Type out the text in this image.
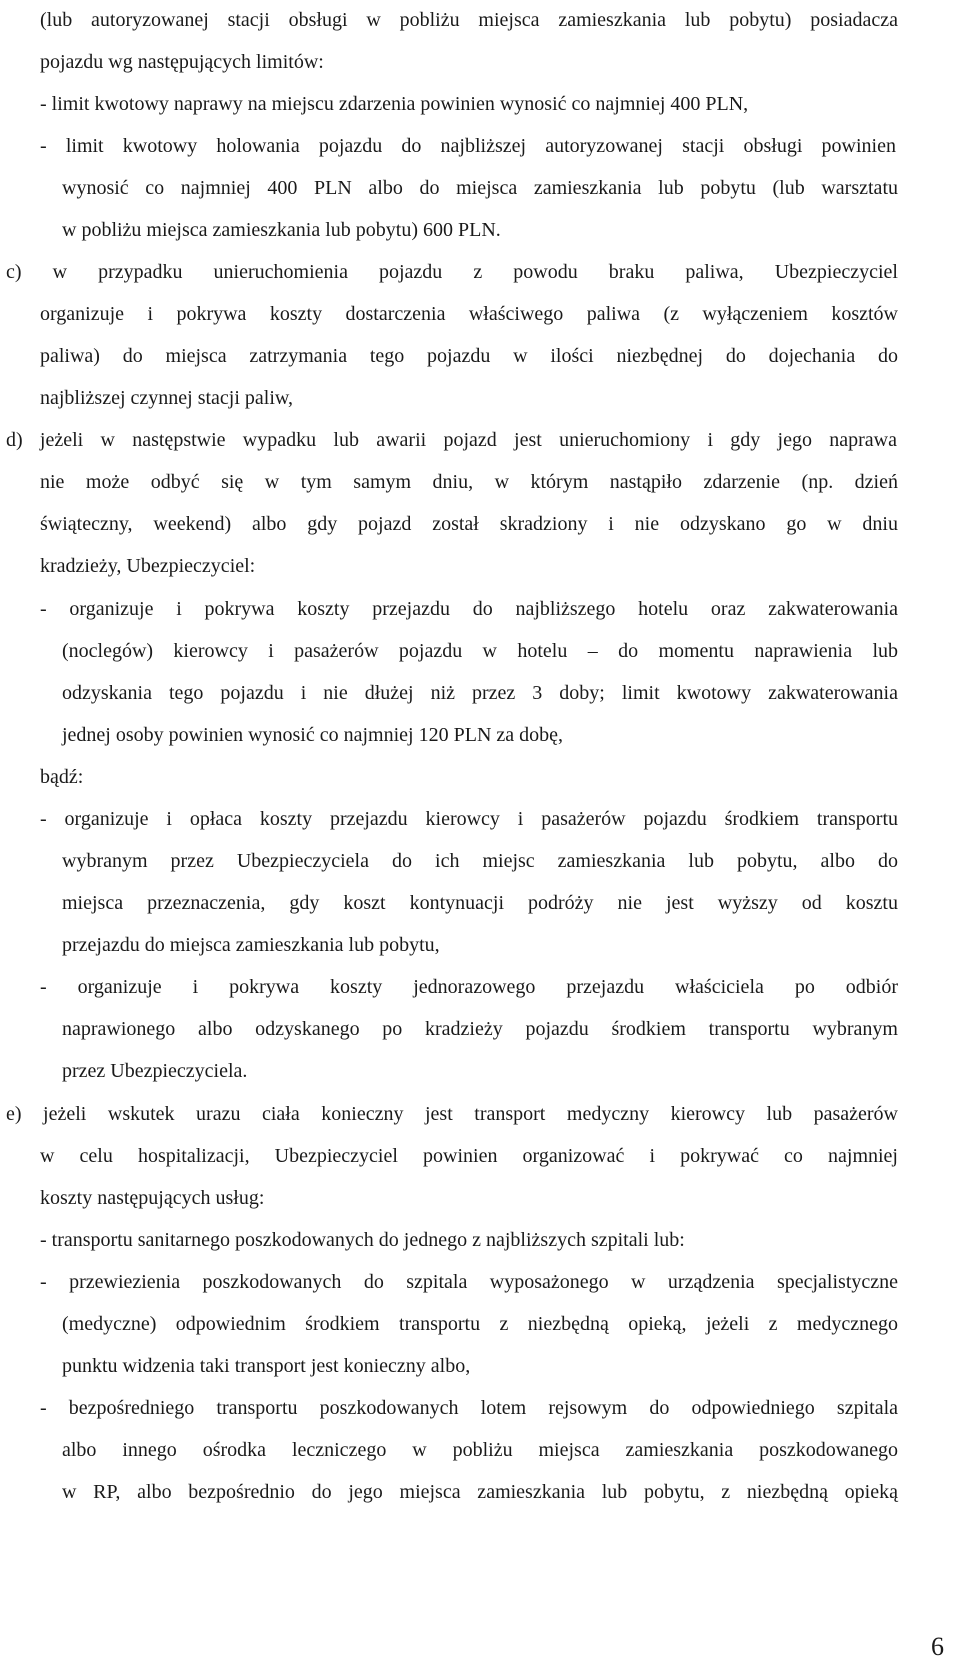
(lub autoryzowanej stacji obsługi w pobliżu miejsca zamieszkania lub pobytu) posiadacza

pojazdu wg następujących limitów:

- limit kwotowy naprawy na miejscu zdarzenia powinien wynosić co najmniej 400 PLN,

- limit kwotowy holowania pojazdu do najbliższej autoryzowanej stacji obsługi powinien

wynosić co najmniej 400 PLN albo do miejsca zamieszkania lub pobytu (lub warsztatu

w pobliżu miejsca zamieszkania lub pobytu) 600 PLN.

c) w przypadku unieruchomienia pojazdu z powodu braku paliwa, Ubezpieczyciel

organizuje i pokrywa koszty dostarczenia właściwego paliwa (z wyłączeniem kosztów

paliwa) do miejsca zatrzymania tego pojazdu w ilości niezbędnej do dojechania do

najbliższej czynnej stacji paliw,

d) jeżeli w następstwie wypadku lub awarii pojazd jest unieruchomiony i gdy jego naprawa

nie może odbyć się w tym samym dniu, w którym nastąpiło zdarzenie (np. dzień

świąteczny, weekend) albo gdy pojazd został skradziony i nie odzyskano go w dniu

kradzieży, Ubezpieczyciel:

- organizuje i pokrywa koszty przejazdu do najbliższego hotelu oraz zakwaterowania

(noclegów) kierowcy i pasażerów pojazdu w hotelu – do momentu naprawienia lub

odzyskania tego pojazdu i nie dłużej niż przez 3 doby; limit kwotowy zakwaterowania

jednej osoby powinien wynosić co najmniej 120 PLN za dobę,

bądź:

- organizuje i opłaca koszty przejazdu kierowcy i pasażerów pojazdu środkiem transportu

wybranym przez Ubezpieczyciela do ich miejsc zamieszkania lub pobytu, albo do

miejsca przeznaczenia, gdy koszt kontynuacji podróży nie jest wyższy od kosztu

przejazdu do miejsca zamieszkania lub pobytu,

- organizuje i pokrywa koszty jednorazowego przejazdu właściciela po odbiór

naprawionego albo odzyskanego po kradzieży pojazdu środkiem transportu wybranym

przez Ubezpieczyciela.

e) jeżeli wskutek urazu ciała konieczny jest transport medyczny kierowcy lub pasażerów

w celu hospitalizacji, Ubezpieczyciel powinien organizować i pokrywać co najmniej

koszty następujących usług:

- transportu sanitarnego poszkodowanych do jednego z najbliższych szpitali lub:

- przewiezienia poszkodowanych do szpitala wyposażonego w urządzenia specjalistyczne

(medyczne) odpowiednim środkiem transportu z niezbędną opieką, jeżeli z medycznego

punktu widzenia taki transport jest konieczny albo,

- bezpośredniego transportu poszkodowanych lotem rejsowym do odpowiedniego szpitala

albo innego ośrodka leczniczego w pobliżu miejsca zamieszkania poszkodowanego

w RP, albo bezpośrednio do jego miejsca zamieszkania lub pobytu, z niezbędną opieką

6
